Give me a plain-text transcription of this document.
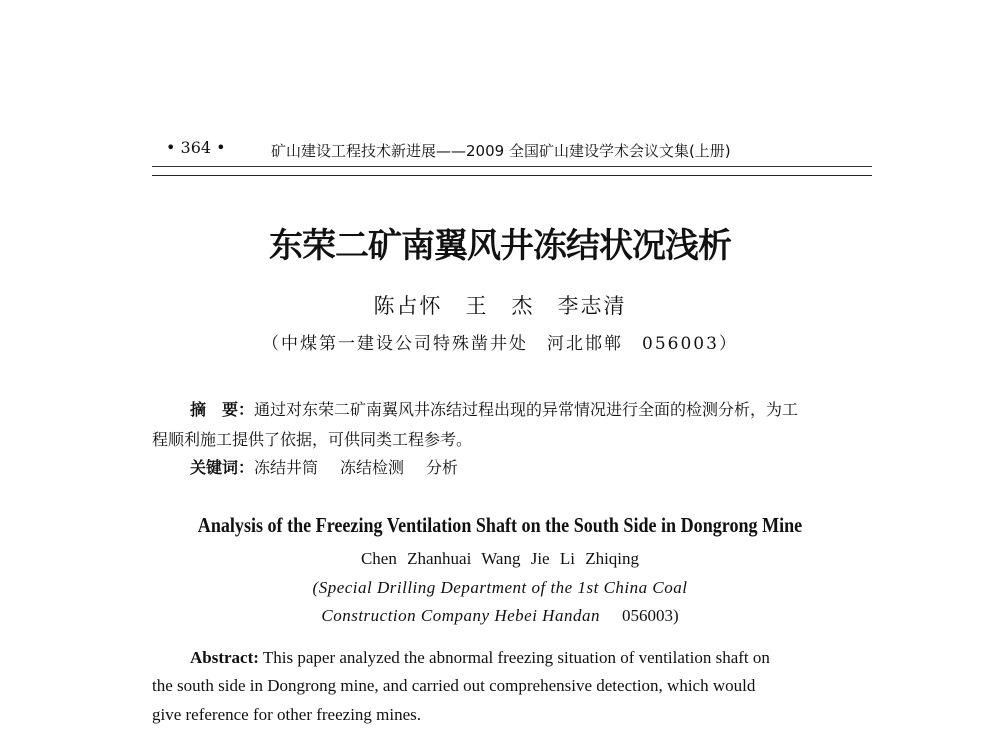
• 364 •	矿山建设工程技术新进展——2009 全国矿山建设学术会议文集(上册)
东荣二矿南翼风井冻结状况浅析
陈占怀　王　杰　李志清
（中煤第一建设公司特殊凿井处　河北邯郸　056003）
摘　要：通过对东荣二矿南翼风井冻结过程出现的异常情况进行全面的检测分析，为工
程顺利施工提供了依据，可供同类工程参考。
关键词：冻结井筒 冻结检测 分析
Analysis of the Freezing Ventilation Shaft on the South Side in Dongrong Mine
Chen Zhanhuai Wang Jie Li Zhiqing
(Special Drilling Department of the 1st China Coal
Construction Company Hebei Handan 056003)
Abstract: This paper analyzed the abnormal freezing situation of ventilation shaft on
the south side in Dongrong mine, and carried out comprehensive detection, which would
give reference for other freezing mines.
